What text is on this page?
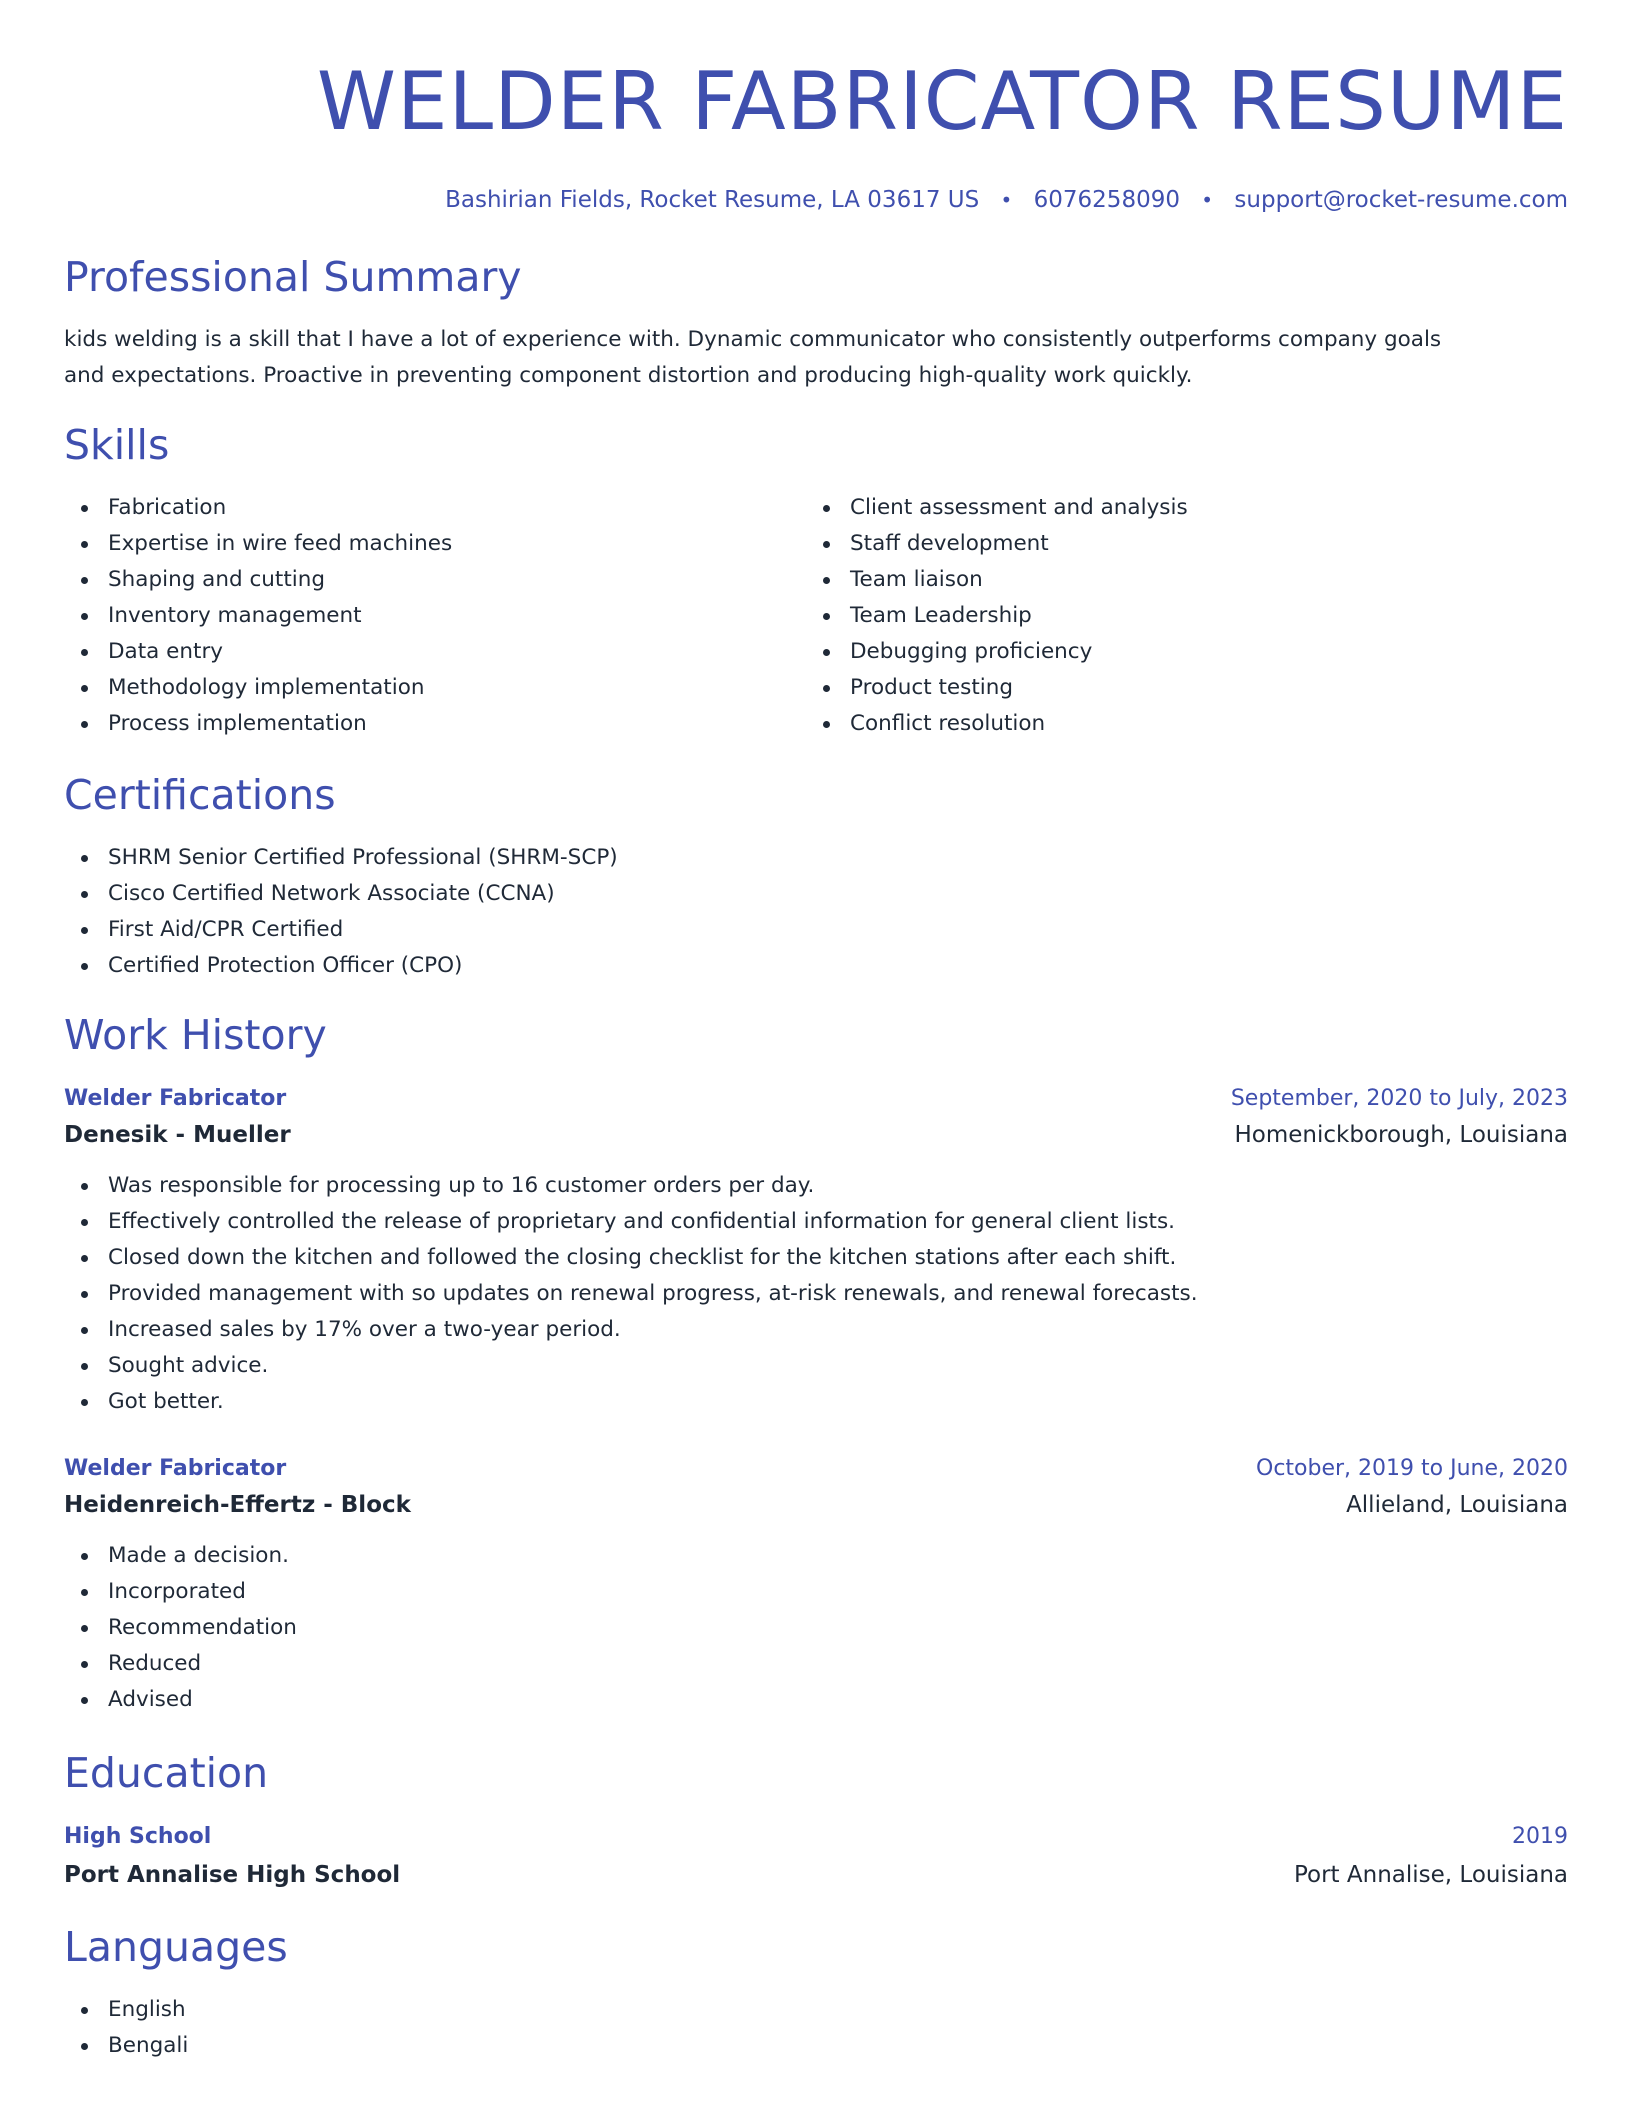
WELDER FABRICATOR RESUME
Bashirian Fields, Rocket Resume, LA 03617 US • 6076258090 • support@rocket-resume.com
Professional Summary
kids welding is a skill that I have a lot of experience with. Dynamic communicator who consistently outperforms company goals and expectations. Proactive in preventing component distortion and producing high-quality work quickly.
Skills
Fabrication
Expertise in wire feed machines
Shaping and cutting
Inventory management
Data entry
Methodology implementation
Process implementation
Client assessment and analysis
Staff development
Team liaison
Team Leadership
Debugging proficiency
Product testing
Conflict resolution
Certifications
SHRM Senior Certified Professional (SHRM-SCP)
Cisco Certified Network Associate (CCNA)
First Aid/CPR Certified
Certified Protection Officer (CPO)
Work History
Welder Fabricator	September, 2020 to July, 2023
Denesik - Mueller	Homenickborough, Louisiana
Was responsible for processing up to 16 customer orders per day.
Effectively controlled the release of proprietary and confidential information for general client lists.
Closed down the kitchen and followed the closing checklist for the kitchen stations after each shift.
Provided management with so updates on renewal progress, at-risk renewals, and renewal forecasts.
Increased sales by 17% over a two-year period.
Sought advice.
Got better.
Welder Fabricator	October, 2019 to June, 2020
Heidenreich-Effertz - Block	Allieland, Louisiana
Made a decision.
Incorporated
Recommendation
Reduced
Advised
Education
High School	2019
Port Annalise High School	Port Annalise, Louisiana
Languages
English
Bengali
